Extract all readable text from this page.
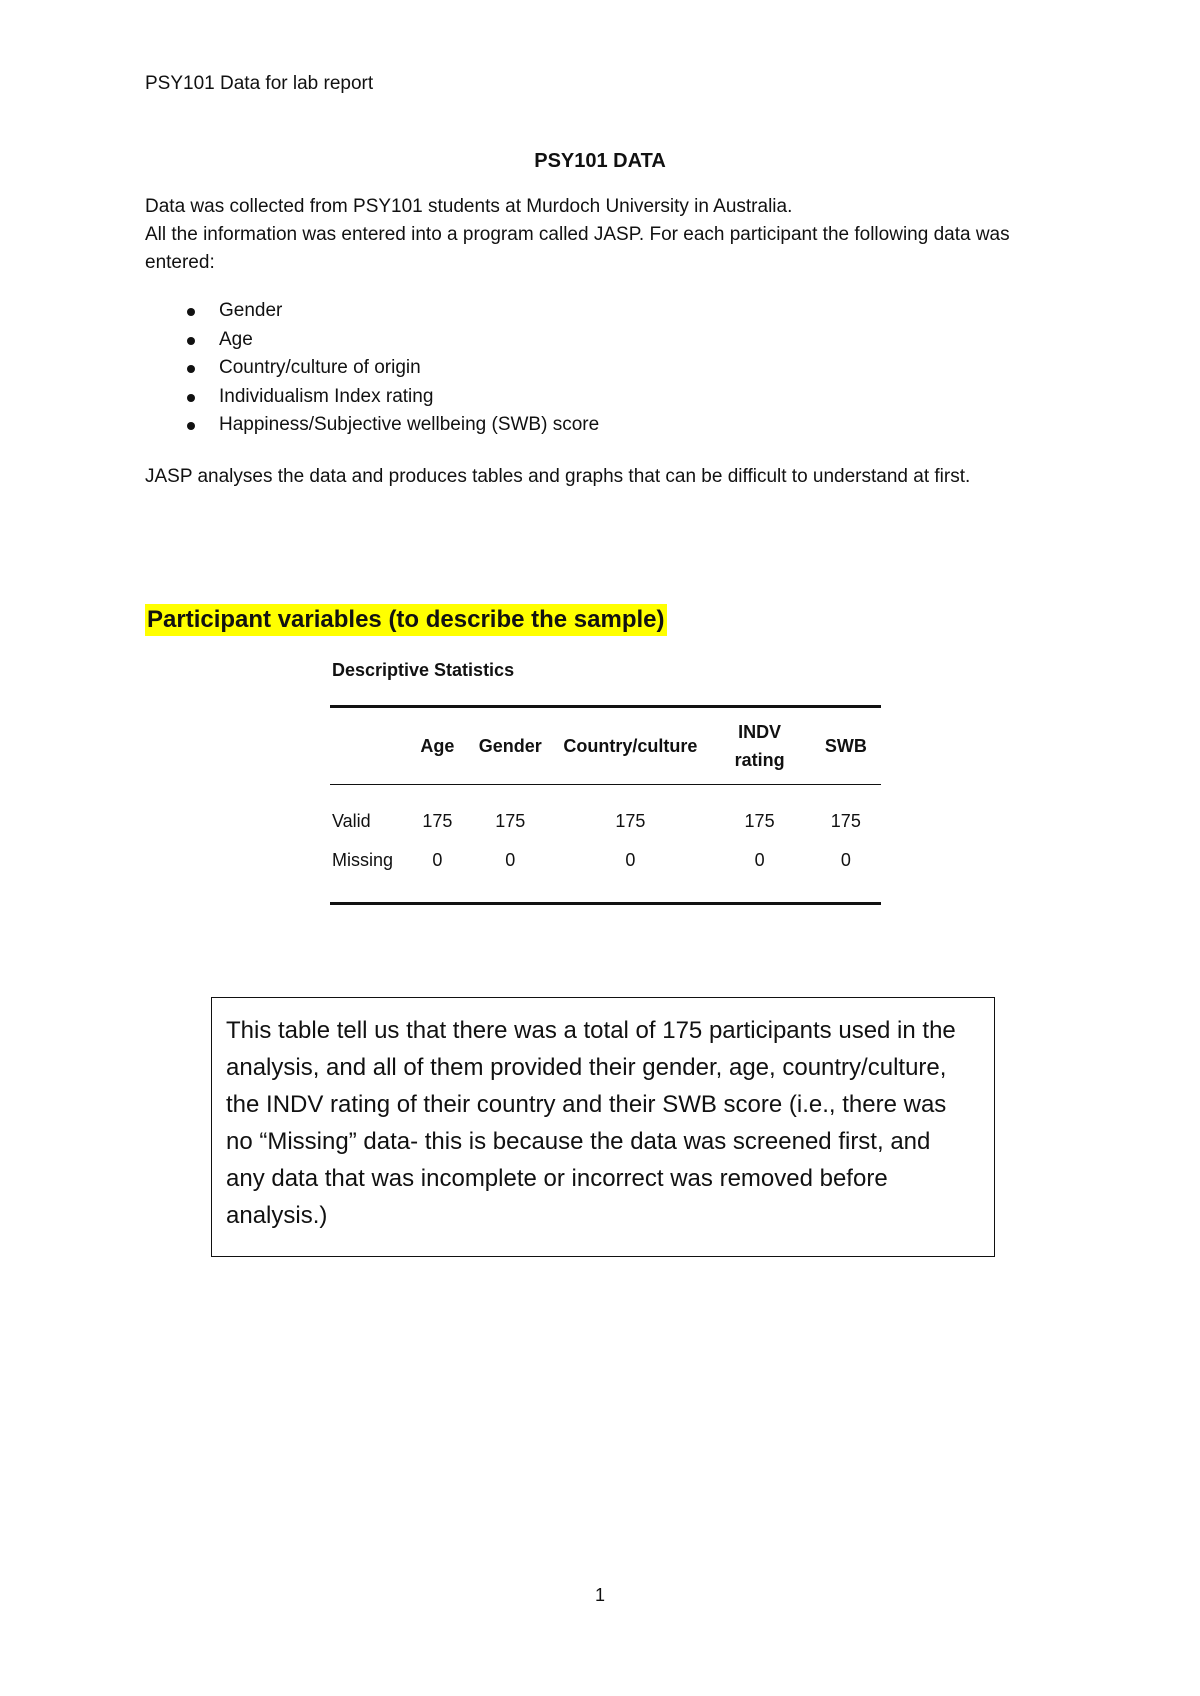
PSY101 Data for lab report
PSY101 DATA

Data was collected from PSY101 students at Murdoch University in Australia.

All the information was entered into a program called JASP. For each participant the following data was entered:

Gender
Age
Country/culture of origin
Individualism Index rating
Happiness/Subjective wellbeing (SWB) score
JASP analyses the data and produces tables and graphs that can be difficult to understand at first.
Participant variables (to describe the sample)
Descriptive Statistics
	Age	Gender	Country/culture	INDV rating	SWB
Valid	175	175	175	175	175
Missing	0	0	0	0	0
This table tell us that there was a total of 175 participants used in the analysis, and all of them provided their gender, age, country/culture, the INDV rating of their country and their SWB score (i.e., there was no “Missing” data- this is because the data was screened first, and any data that was incomplete or incorrect was removed before analysis.)
1
